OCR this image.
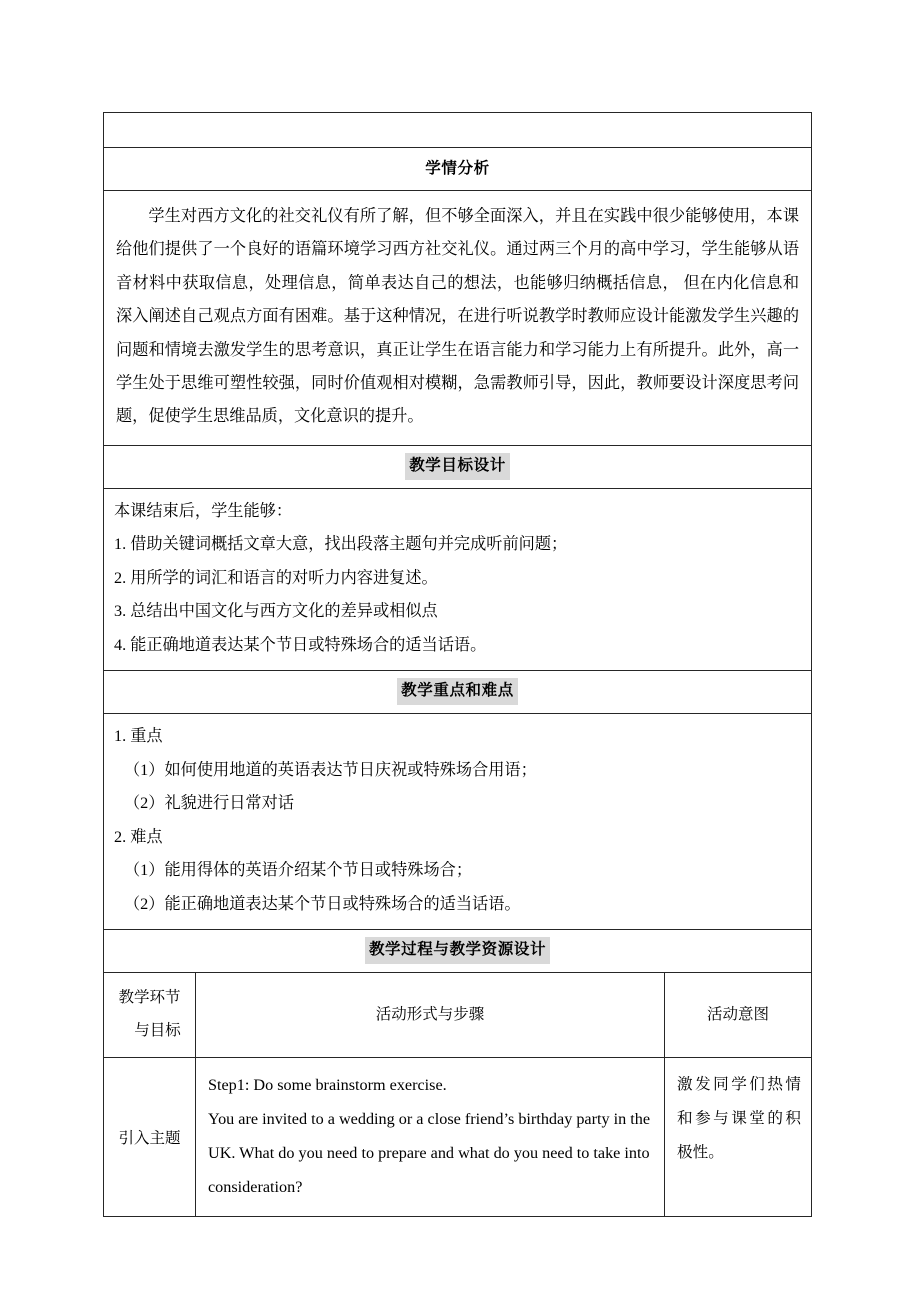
学情分析		

学生对西方文化的社交礼仪有所了解，但不够全面深入，并且在实践中很少能够使用，本课给他们提供了一个良好的语篇环境学习西方社交礼仪。通过两三个月的高中学习，学生能够从语音材料中获取信息，处理信息，简单表达自己的想法，也能够归纳概括信息， 但在内化信息和深入阐述自己观点方面有困难。基于这种情况，在进行听说教学时教师应设计能激发学生兴趣的问题和情境去激发学生的思考意识，真正让学生在语言能力和学习能力上有所提升。此外，高一学生处于思维可塑性较强，同时价值观相对模糊，急需教师引导，因此，教师要设计深度思考问题，促使学生思维品质，文化意识的提升。		

教学目标设计		

本课结束后，学生能够：

1. 借助关键词概括文章大意，找出段落主题句并完成听前问题；

2. 用所学的词汇和语言的对听力内容进复述。

3. 总结出中国文化与西方文化的差异或相似点

4. 能正确地道表达某个节日或特殊场合的适当话语。		

教学重点和难点		

1. 重点

（1）如何使用地道的英语表达节日庆祝或特殊场合用语；

（2）礼貌进行日常对话

2. 难点

（1）能用得体的英语介绍某个节日或特殊场合；

（2）能正确地道表达某个节日或特殊场合的适当话语。

教学过程与教学资源设计		

教学环节
与目标	活动形式与步骤	活动意图
引入主题	Step1: Do some brainstorm exercise.

You are invited to a wedding or a close friend’s birthday party in the UK. What do you need to prepare and what do you need to take into consideration?	激发同学们热情和参与课堂的积极性。
